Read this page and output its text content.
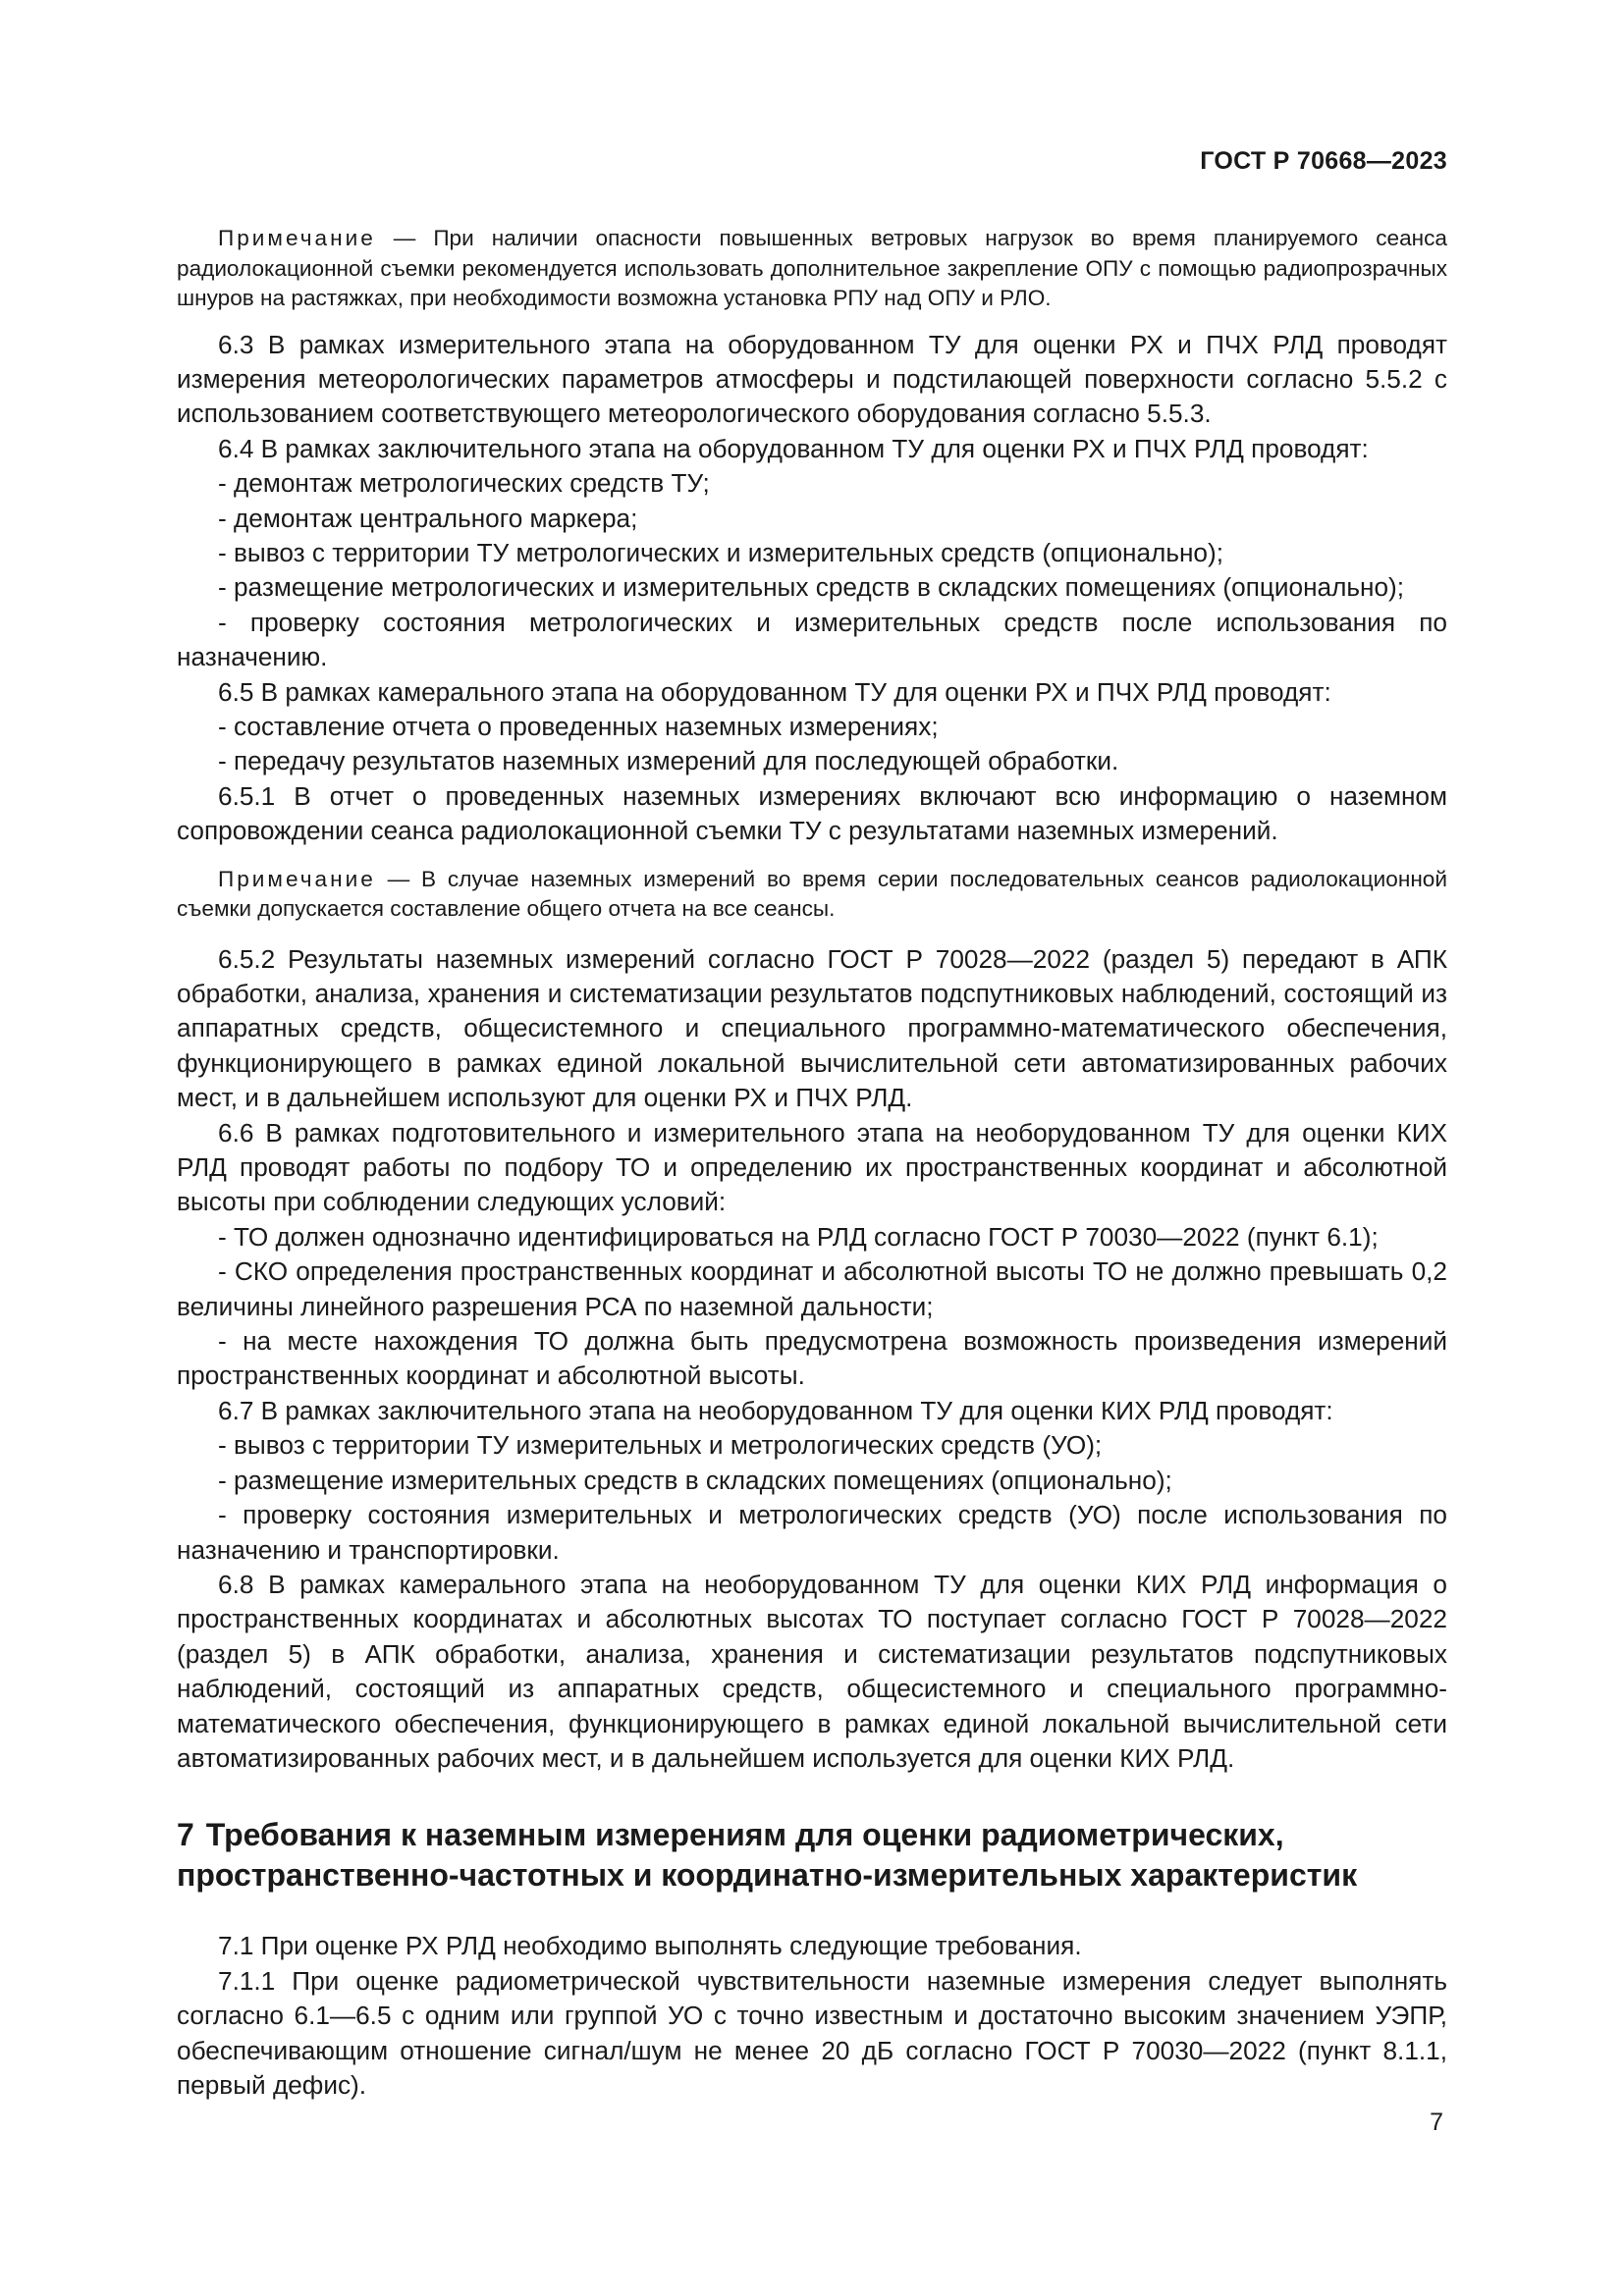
ГОСТ Р 70668—2023

Примечание — При наличии опасности повышенных ветровых нагрузок во время планируемого сеанса радиолокационной съемки рекомендуется использовать дополнительное закрепление ОПУ с помощью радиопрозрачных шнуров на растяжках, при необходимости возможна установка РПУ над ОПУ и РЛО.

6.3 В рамках измерительного этапа на оборудованном ТУ для оценки РХ и ПЧХ РЛД проводят измерения метеорологических параметров атмосферы и подстилающей поверхности согласно 5.5.2 с использованием соответствующего метеорологического оборудования согласно 5.5.3.

6.4 В рамках заключительного этапа на оборудованном ТУ для оценки РХ и ПЧХ РЛД проводят:

- демонтаж метрологических средств ТУ;

- демонтаж центрального маркера;

- вывоз с территории ТУ метрологических и измерительных средств (опционально);

- размещение метрологических и измерительных средств в складских помещениях (опционально);

- проверку состояния метрологических и измерительных средств после использования по назначению.

6.5 В рамках камерального этапа на оборудованном ТУ для оценки РХ и ПЧХ РЛД проводят:

- составление отчета о проведенных наземных измерениях;

- передачу результатов наземных измерений для последующей обработки.

6.5.1 В отчет о проведенных наземных измерениях включают всю информацию о наземном сопровождении сеанса радиолокационной съемки ТУ с результатами наземных измерений.

Примечание — В случае наземных измерений во время серии последовательных сеансов радиолокационной съемки допускается составление общего отчета на все сеансы.

6.5.2 Результаты наземных измерений согласно ГОСТ Р 70028—2022 (раздел 5) передают в АПК обработки, анализа, хранения и систематизации результатов подспутниковых наблюдений, состоящий из аппаратных средств, общесистемного и специального программно-математического обеспечения, функционирующего в рамках единой локальной вычислительной сети автоматизированных рабочих мест, и в дальнейшем используют для оценки РХ и ПЧХ РЛД.

6.6 В рамках подготовительного и измерительного этапа на необорудованном ТУ для оценки КИХ РЛД проводят работы по подбору ТО и определению их пространственных координат и абсолютной высоты при соблюдении следующих условий:

- ТО должен однозначно идентифицироваться на РЛД согласно ГОСТ Р 70030—2022 (пункт 6.1);

- СКО определения пространственных координат и абсолютной высоты ТО не должно превышать 0,2 величины линейного разрешения РСА по наземной дальности;

- на месте нахождения ТО должна быть предусмотрена возможность произведения измерений пространственных координат и абсолютной высоты.

6.7 В рамках заключительного этапа на необорудованном ТУ для оценки КИХ РЛД проводят:

- вывоз с территории ТУ измерительных и метрологических средств (УО);

- размещение измерительных средств в складских помещениях (опционально);

- проверку состояния измерительных и метрологических средств (УО) после использования по назначению и транспортировки.

6.8 В рамках камерального этапа на необорудованном ТУ для оценки КИХ РЛД информация о пространственных координатах и абсолютных высотах ТО поступает согласно ГОСТ Р 70028—2022 (раздел 5) в АПК обработки, анализа, хранения и систематизации результатов подспутниковых наблюдений, состоящий из аппаратных средств, общесистемного и специального программно-математического обеспечения, функционирующего в рамках единой локальной вычислительной сети автоматизированных рабочих мест, и в дальнейшем используется для оценки КИХ РЛД.

7 Требования к наземным измерениям для оценки радиометрических, пространственно-частотных и координатно-измерительных характеристик

7.1 При оценке РХ РЛД необходимо выполнять следующие требования.

7.1.1 При оценке радиометрической чувствительности наземные измерения следует выполнять согласно 6.1—6.5 с одним или группой УО с точно известным и достаточно высоким значением УЭПР, обеспечивающим отношение сигнал/шум не менее 20 дБ согласно ГОСТ Р 70030—2022 (пункт 8.1.1, первый дефис).

7
